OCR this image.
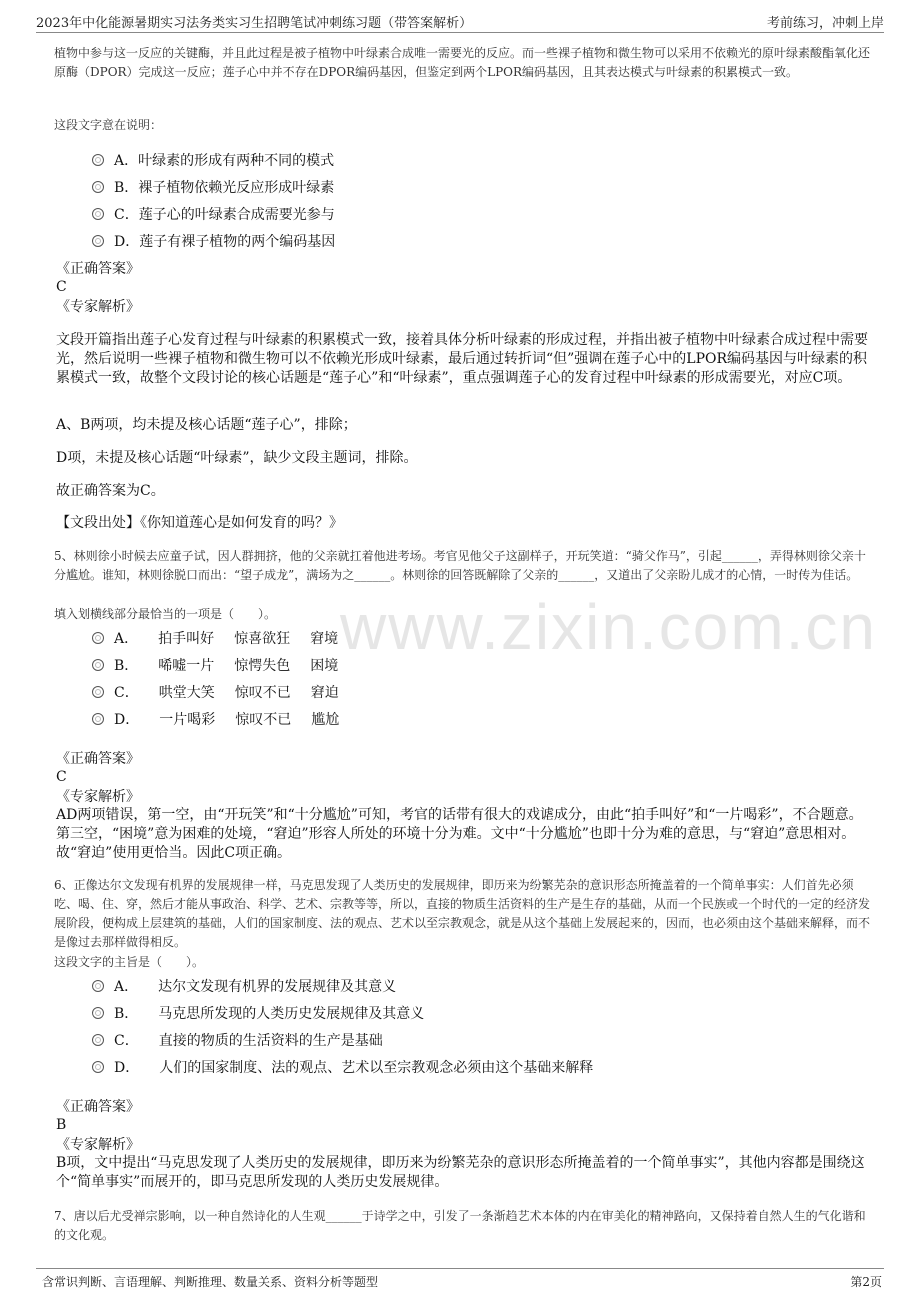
2023年中化能源暑期实习法务类实习生招聘笔试冲刺练习题（带答案解析）	考前练习，冲刺上岸
www.zixin.com.cn
植物中参与这一反应的关键酶，并且此过程是被子植物中叶绿素合成唯一需要光的反应。而一些裸子植物和微生物可以采用不依赖光的原叶绿素酸酯氧化还原酶（DPOR）完成这一反应；莲子心中并不存在DPOR编码基因，但鉴定到两个LPOR编码基因，且其表达模式与叶绿素的积累模式一致。
这段文字意在说明：
A．叶绿素的形成有两种不同的模式
B．裸子植物依赖光反应形成叶绿素
C．莲子心的叶绿素合成需要光参与
D．莲子有裸子植物的两个编码基因
《正确答案》
C
《专家解析》
文段开篇指出莲子心发育过程与叶绿素的积累模式一致，接着具体分析叶绿素的形成过程，并指出被子植物中叶绿素合成过程中需要光，然后说明一些裸子植物和微生物可以不依赖光形成叶绿素，最后通过转折词“但”强调在莲子心中的LPOR编码基因与叶绿素的积累模式一致，故整个文段讨论的核心话题是“莲子心”和“叶绿素”，重点强调莲子心的发育过程中叶绿素的形成需要光，对应C项。
A、B两项，均未提及核心话题“莲子心”，排除；
D项，未提及核心话题“叶绿素”，缺少文段主题词，排除。
故正确答案为C。
【文段出处】《你知道莲心是如何发育的吗？》
5、林则徐小时候去应童子试，因人群拥挤，他的父亲就扛着他进考场。考官见他父子这副样子，开玩笑道：“骑父作马”，引起______，弄得林则徐父亲十分尴尬。谁知，林则徐脱口而出：“望子成龙”，满场为之______。林则徐的回答既解除了父亲的______，又道出了父亲盼儿成才的心情，一时传为佳话。
填入划横线部分最恰当的一项是（　　）。
A． 拍手叫好 惊喜欲狂 窘境
B． 唏嘘一片 惊愕失色 困境
C． 哄堂大笑 惊叹不已 窘迫
D． 一片喝彩 惊叹不已 尴尬
《正确答案》
C
《专家解析》
AD两项错误，第一空，由“开玩笑”和“十分尴尬”可知，考官的话带有很大的戏谑成分，由此“拍手叫好”和“一片喝彩”，不合题意。第三空，“困境”意为困难的处境，“窘迫”形容人所处的环境十分为难。文中“十分尴尬”也即十分为难的意思，与“窘迫”意思相对。故“窘迫”使用更恰当。因此C项正确。
6、正像达尔文发现有机界的发展规律一样，马克思发现了人类历史的发展规律，即历来为纷繁芜杂的意识形态所掩盖着的一个简单事实：人们首先必须吃、喝、住、穿，然后才能从事政治、科学、艺术、宗教等等，所以，直接的物质生活资料的生产是生存的基础，从而一个民族或一个时代的一定的经济发展阶段，便构成上层建筑的基础，人们的国家制度、法的观点、艺术以至宗教观念，就是从这个基础上发展起来的，因而，也必须由这个基础来解释，而不是像过去那样做得相反。
这段文字的主旨是（　　）。
A． 达尔文发现有机界的发展规律及其意义
B． 马克思所发现的人类历史发展规律及其意义
C． 直接的物质的生活资料的生产是基础
D． 人们的国家制度、法的观点、艺术以至宗教观念必须由这个基础来解释
《正确答案》
B
《专家解析》
B项，文中提出“马克思发现了人类历史的发展规律，即历来为纷繁芜杂的意识形态所掩盖着的一个简单事实”，其他内容都是围绕这个“简单事实”而展开的，即马克思所发现的人类历史发展规律。
7、唐以后尤受禅宗影响，以一种自然诗化的人生观______于诗学之中，引发了一条渐趋艺术本体的内在审美化的精神路向，又保持着自然人生的气化谐和的文化观。
含常识判断、言语理解、判断推理、数量关系、资料分析等题型	第2页
